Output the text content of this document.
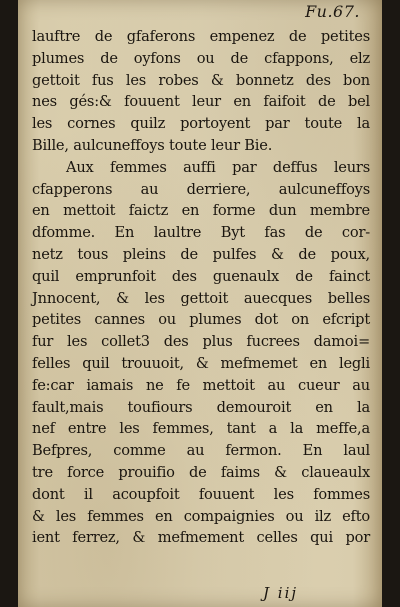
Fu.67.
lauftre de gfaferons empenez de petites
plumes de oyfons ou de cfappons, elz
gettoit fus les robes & bonnetz des bon
nes gés:& fouuent leur en faifoit de bel
les cornes quilz portoyent par toute la
Bille, aulcuneffoys toute leur Bie.
Aux femmes auffi par deffus leurs
cfapperons au derriere, aulcuneffoys
en mettoit faictz en forme dun membre
dfomme. En laultre Byt fas de cor-
netz tous pleins de pulfes & de poux,
quil emprunfoit des guenaulx de fainct
Jnnocent, & les gettoit auecques belles
petites cannes ou plumes dot on efcript
fur les collet3 des plus fucrees damoi=
felles quil trouuoit, & mefmemet en legli
fe:car iamais ne fe mettoit au cueur au
fault,mais toufiours demouroit en la
nef entre les femmes, tant a la meffe,a
Befpres, comme au fermon. En laul
tre force prouifio de faims & claueaulx
dont il acoupfoit fouuent les fommes
& les femmes en compaignies ou ilz efto
ient ferrez, & mefmement celles qui por
J iij
